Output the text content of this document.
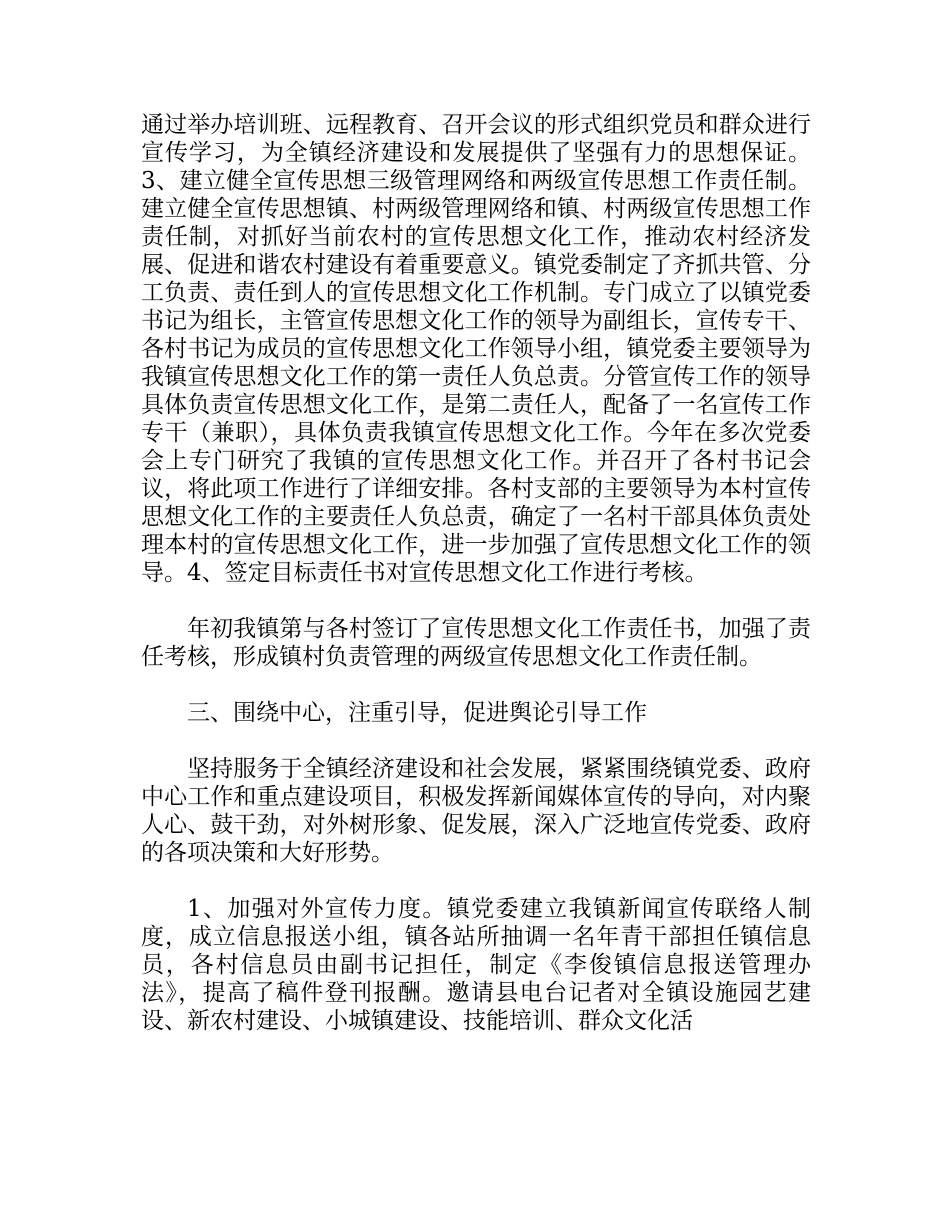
通过举办培训班、远程教育、召开会议的形式组织党员和群众进行宣传学习，为全镇经济建设和发展提供了坚强有力的思想保证。3、建立健全宣传思想三级管理网络和两级宣传思想工作责任制。建立健全宣传思想镇、村两级管理网络和镇、村两级宣传思想工作责任制，对抓好当前农村的宣传思想文化工作，推动农村经济发展、促进和谐农村建设有着重要意义。镇党委制定了齐抓共管、分工负责、责任到人的宣传思想文化工作机制。专门成立了以镇党委书记为组长，主管宣传思想文化工作的领导为副组长，宣传专干、各村书记为成员的宣传思想文化工作领导小组，镇党委主要领导为我镇宣传思想文化工作的第一责任人负总责。分管宣传工作的领导具体负责宣传思想文化工作，是第二责任人，配备了一名宣传工作专干（兼职），具体负责我镇宣传思想文化工作。今年在多次党委会上专门研究了我镇的宣传思想文化工作。并召开了各村书记会议，将此项工作进行了详细安排。各村支部的主要领导为本村宣传思想文化工作的主要责任人负总责，确定了一名村干部具体负责处理本村的宣传思想文化工作，进一步加强了宣传思想文化工作的领导。4、签定目标责任书对宣传思想文化工作进行考核。

年初我镇第与各村签订了宣传思想文化工作责任书，加强了责任考核，形成镇村负责管理的两级宣传思想文化工作责任制。

三、围绕中心，注重引导，促进舆论引导工作

坚持服务于全镇经济建设和社会发展，紧紧围绕镇党委、政府中心工作和重点建设项目，积极发挥新闻媒体宣传的导向，对内聚人心、鼓干劲，对外树形象、促发展，深入广泛地宣传党委、政府的各项决策和大好形势。

1、加强对外宣传力度。镇党委建立我镇新闻宣传联络人制度，成立信息报送小组，镇各站所抽调一名年青干部担任镇信息员，各村信息员由副书记担任，制定《李俊镇信息报送管理办法》，提高了稿件登刊报酬。邀请县电台记者对全镇设施园艺建设、新农村建设、小城镇建设、技能培训、群众文化活
